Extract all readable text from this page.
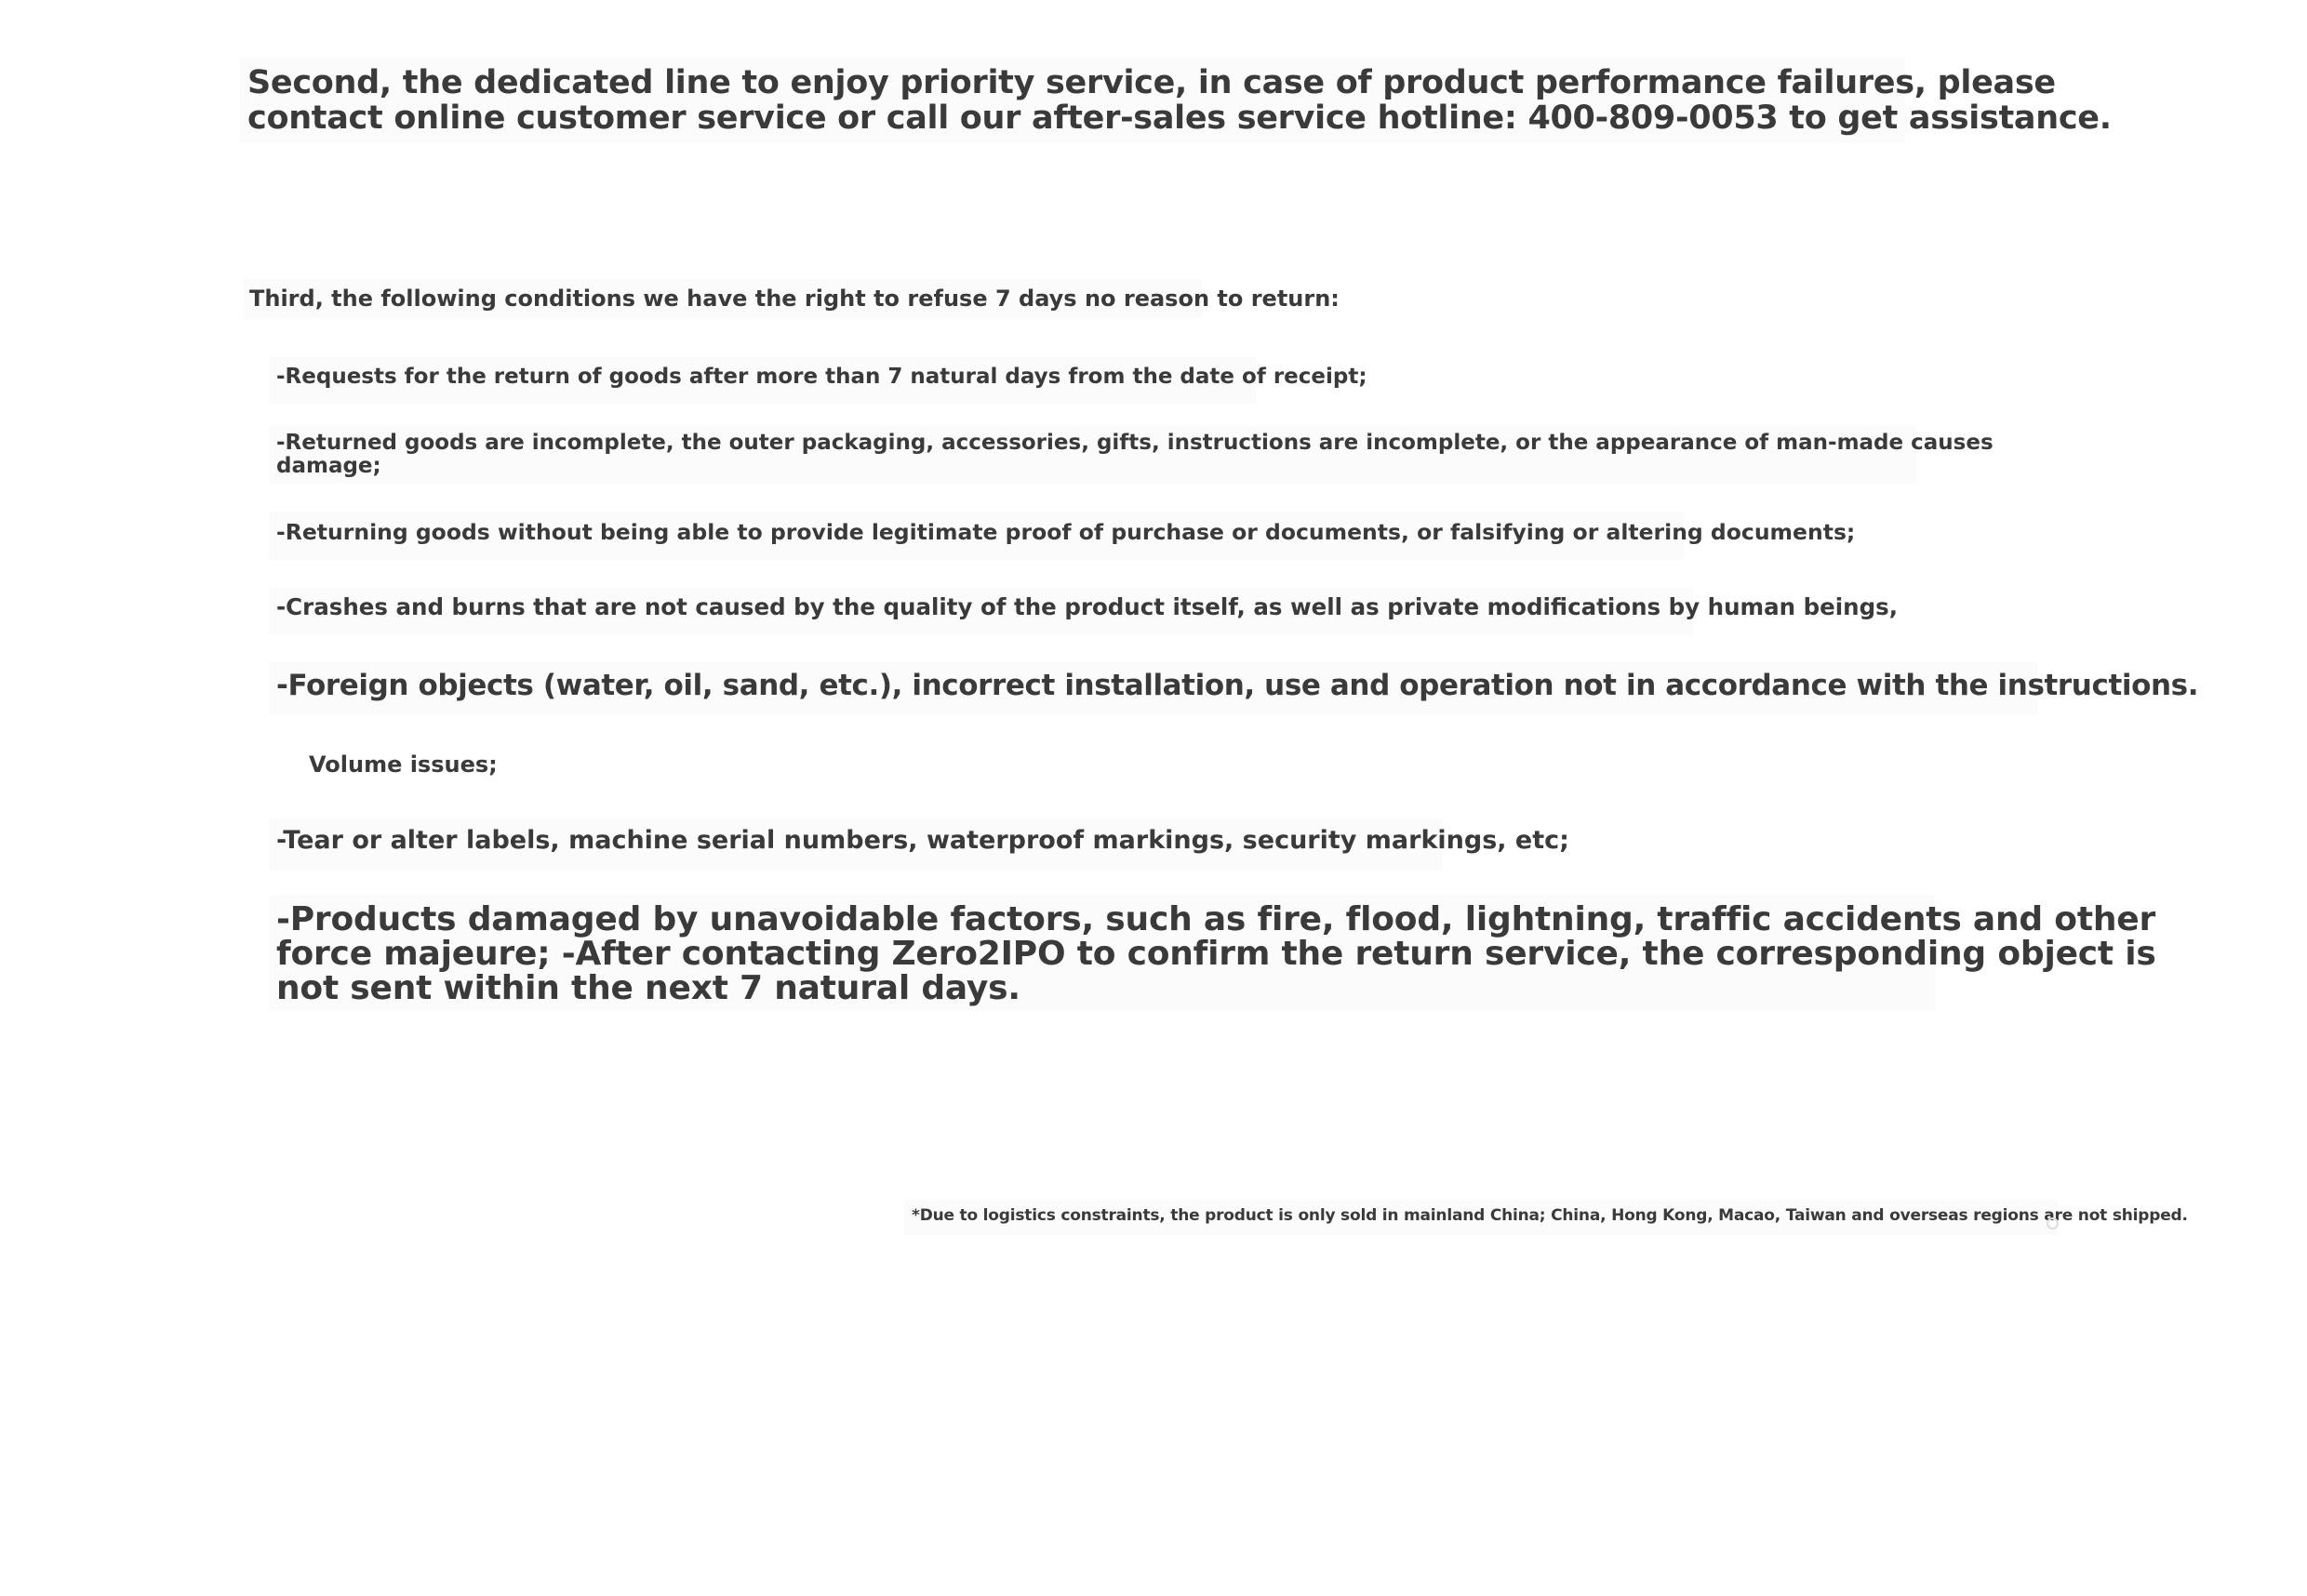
Second, the dedicated line to enjoy priority service, in case of product performance failures, please
contact online customer service or call our after-sales service hotline: 400-809-0053 to get assistance.
Third, the following conditions we have the right to refuse 7 days no reason to return:
-Requests for the return of goods after more than 7 natural days from the date of receipt;
-Returned goods are incomplete, the outer packaging, accessories, gifts, instructions are incomplete, or the appearance of man-made causes
damage;
-Returning goods without being able to provide legitimate proof of purchase or documents, or falsifying or altering documents;
-Crashes and burns that are not caused by the quality of the product itself, as well as private modifications by human beings,
-Foreign objects (water, oil, sand, etc.), incorrect installation, use and operation not in accordance with the instructions.
Volume issues;
-Tear or alter labels, machine serial numbers, waterproof markings, security markings, etc;
-Products damaged by unavoidable factors, such as fire, flood, lightning, traffic accidents and other
force majeure; -After contacting Zero2IPO to confirm the return service, the corresponding object is
not sent within the next 7 natural days.
*Due to logistics constraints, the product is only sold in mainland China; China, Hong Kong, Macao, Taiwan and overseas regions are not shipped.
